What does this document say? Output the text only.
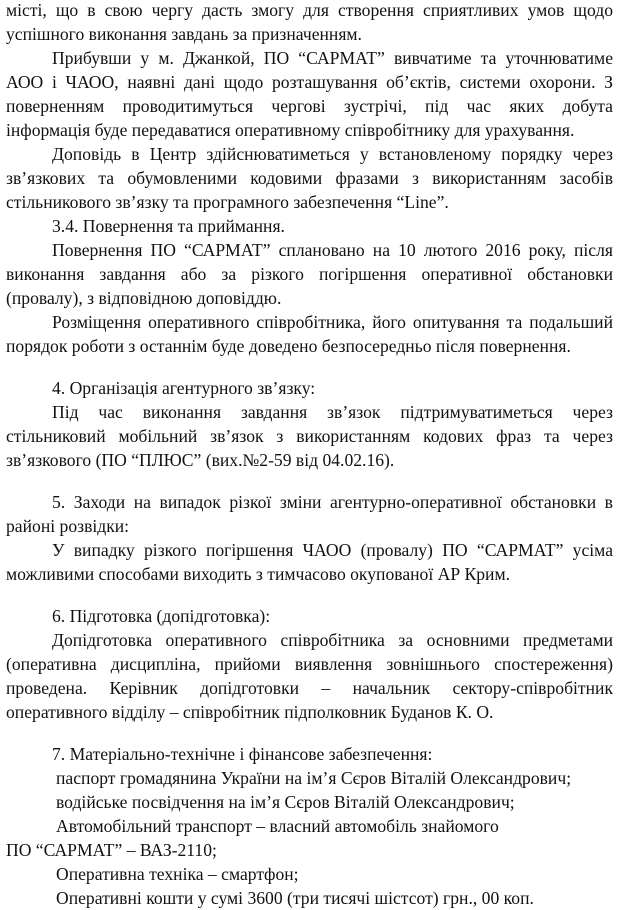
місті, що в свою чергу дасть змогу для створення сприятливих умов щодо
успішного виконання завдань за призначенням.
Прибувши у м. Джанкой, ПО “САРМАТ” вивчатиме та уточнюватиме
АОО і ЧАОО, наявні дані щодо розташування об’єктів, системи охорони. З
поверненням проводитимуться чергові зустрічі, під час яких добута
інформація буде передаватися оперативному співробітнику для урахування.
Доповідь в Центр здійснюватиметься у встановленому порядку через
зв’язкових та обумовленими кодовими фразами з використанням засобів
стільникового зв’язку та програмного забезпечення “Line”.
3.4. Повернення та приймання.
Повернення ПО “САРМАТ” сплановано на 10 лютого 2016 року, після
виконання завдання або за різкого погіршення оперативної обстановки
(провалу), з відповідною доповіддю.
Розміщення оперативного співробітника, його опитування та подальший
порядок роботи з останнім буде доведено безпосередньо після повернення.
4. Організація агентурного зв’язку:
Під час виконання завдання зв’язок підтримуватиметься через
стільниковий мобільний зв’язок з використанням кодових фраз та через
зв’язкового (ПО “ПЛЮС” (вих.№2-59 від 04.02.16).
5. Заходи на випадок різкої зміни агентурно-оперативної обстановки в
районі розвідки:
У випадку різкого погіршення ЧАОО (провалу) ПО “САРМАТ” усіма
можливими способами виходить з тимчасово окупованої АР Крим.
6. Підготовка (допідготовка):
Допідготовка оперативного співробітника за основними предметами
(оперативна дисципліна, прийоми виявлення зовнішнього спостереження)
проведена. Керівник допідготовки – начальник сектору-співробітник
оперативного відділу – співробітник підполковник Буданов К. О.
7. Матеріально-технічне і фінансове забезпечення:
паспорт громадянина України на ім’я Сєров Віталій Олександрович;
водійське посвідчення на ім’я Сєров Віталій Олександрович;
Автомобільний транспорт – власний автомобіль знайомого
ПО “САРМАТ” – ВАЗ-2110;
Оперативна техніка – смартфон;
Оперативні кошти у сумі 3600 (три тисячі шістсот) грн., 00 коп.
